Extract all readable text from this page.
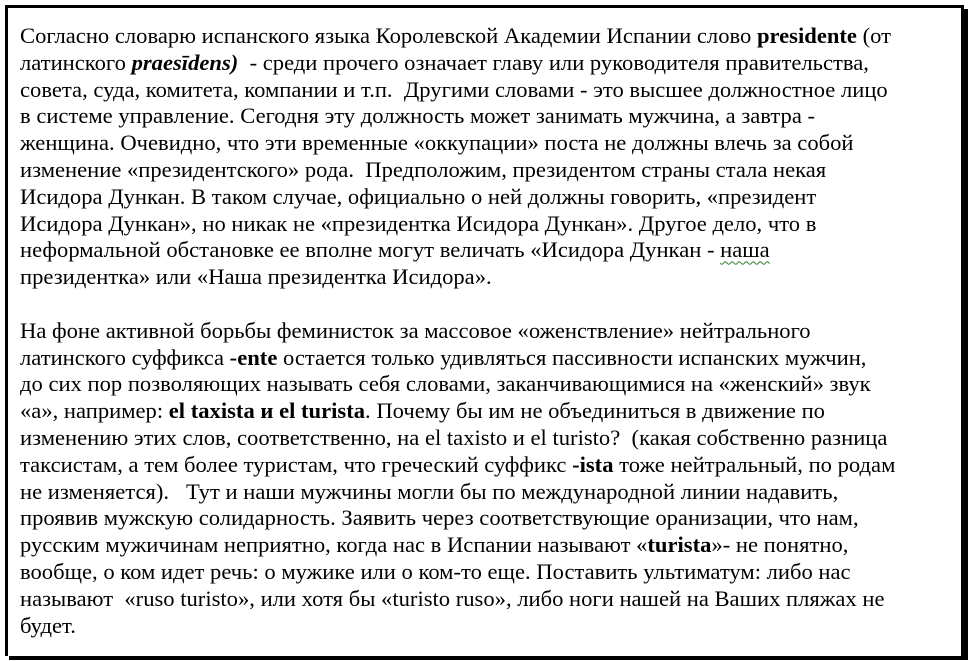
Согласно словарю испанского языка Королевской Академии Испании слово presidente (от
латинского praesīdens)  - среди прочего означает главу или руководителя правительства,
совета, суда, комитета, компании и т.п.  Другими словами - это высшее должностное лицо
в системе управление. Сегодня эту должность может занимать мужчина, а завтра -
женщина. Очевидно, что эти временные «оккупации» поста не должны влечь за собой
изменение «президентского» рода.  Предположим, президентом страны стала некая
Исидора Дункан. В таком случае, официально о ней должны говорить, «президент
Исидора Дункан», но никак не «президентка Исидора Дункан». Другое дело, что в
неформальной обстановке ее вполне могут величать «Исидора Дункан - наша
президентка» или «Наша президентка Исидора».
На фоне активной борьбы феминисток за массовое «оженствление» нейтрального
латинского суффикса -ente остается только удивляться пассивности испанских мужчин,
до сих пор позволяющих называть себя словами, заканчивающимися на «женский» звук
«а», например: el taxista и el turista. Почему бы им не объединиться в движение по
изменению этих слов, соответственно, на el taxisto и el turisto?  (какая собственно разница
таксистам, а тем более туристам, что греческий суффикс -ista тоже нейтральный, по родам
не изменяется).   Тут и наши мужчины могли бы по международной линии надавить,
проявив мужскую солидарность. Заявить через соответствующие оранизации, что нам,
русским мужичинам неприятно, когда нас в Испании называют «turista»- не понятно,
вообще, о ком идет речь: о мужике или о ком-то еще. Поставить ультиматум: либо нас
называют  «ruso turisto», или хотя бы «turisto ruso», либо ноги нашей на Ваших пляжах не
будет.
